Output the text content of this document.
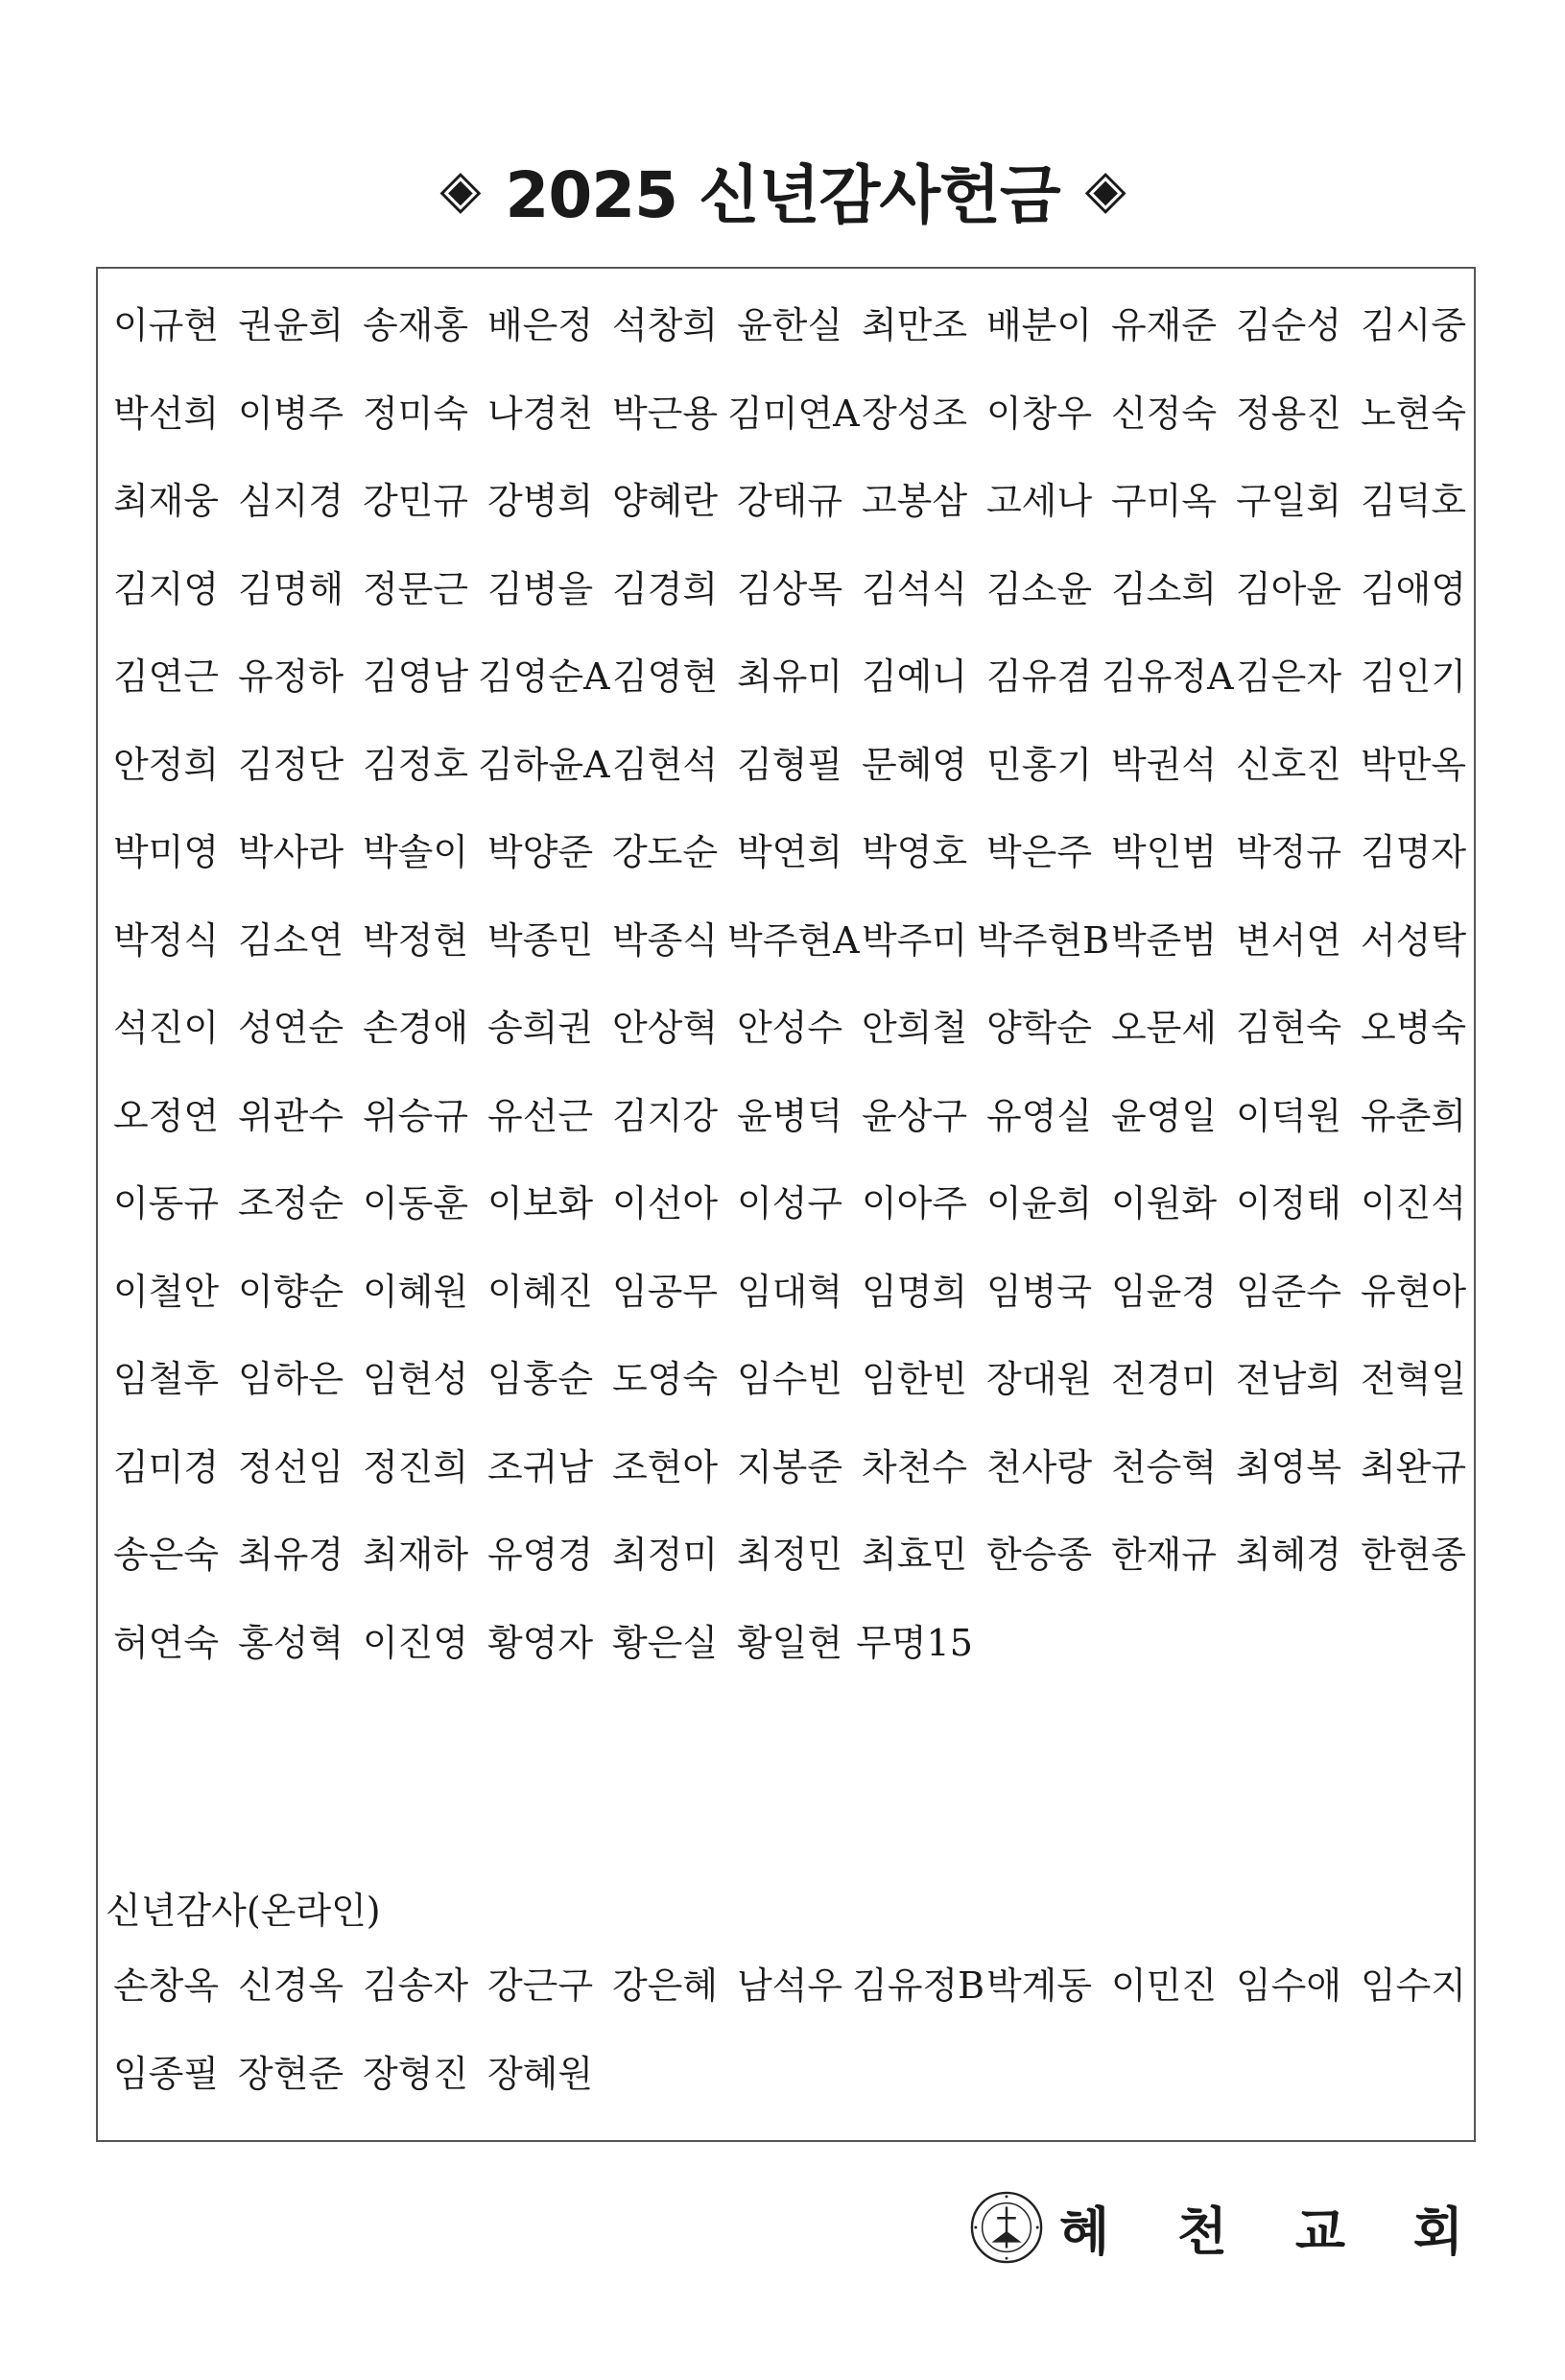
◈ 2025 신년감사헌금 ◈
이규현 권윤희 송재홍 배은정 석창희 윤한실 최만조 배분이 유재준 김순성 김시중
박선희 이병주 정미숙 나경천 박근용 김미연A 장성조 이창우 신정숙 정용진 노현숙
최재웅 심지경 강민규 강병희 양혜란 강태규 고봉삼 고세나 구미옥 구일회 김덕호
김지영 김명해 정문근 김병을 김경희 김상목 김석식 김소윤 김소희 김아윤 김애영
김연근 유정하 김영남 김영순A 김영현 최유미 김예니 김유겸 김유정A 김은자 김인기
안정희 김정단 김정호 김하윤A 김현석 김형필 문혜영 민홍기 박권석 신호진 박만옥
박미영 박사라 박솔이 박양준 강도순 박연희 박영호 박은주 박인범 박정규 김명자
박정식 김소연 박정현 박종민 박종식 박주현A 박주미 박주현B 박준범 변서연 서성탁
석진이 성연순 손경애 송희권 안상혁 안성수 안희철 양학순 오문세 김현숙 오병숙
오정연 위관수 위승규 유선근 김지강 윤병덕 윤상구 유영실 윤영일 이덕원 유춘희
이동규 조정순 이동훈 이보화 이선아 이성구 이아주 이윤희 이원화 이정태 이진석
이철안 이향순 이혜원 이혜진 임공무 임대혁 임명희 임병국 임윤경 임준수 유현아
임철후 임하은 임현성 임홍순 도영숙 임수빈 임한빈 장대원 전경미 전남희 전혁일
김미경 정선임 정진희 조귀남 조현아 지봉준 차천수 천사랑 천승혁 최영복 최완규
송은숙 최유경 최재하 유영경 최정미 최정민 최효민 한승종 한재규 최혜경 한현종
허연숙 홍성혁 이진영 황영자 황은실 황일현 무명15
신년감사(온라인)
손창옥 신경옥 김송자 강근구 강은혜 남석우 김유정B 박계동 이민진 임수애 임수지
임종필 장현준 장형진 장혜원
혜 천 교 회
